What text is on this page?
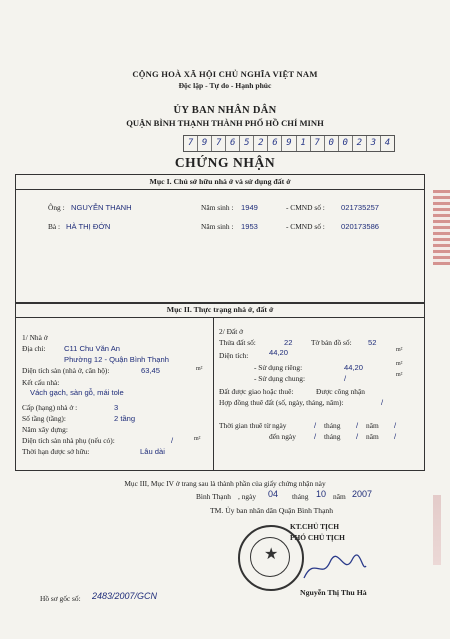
CỘNG HOÀ XÃ HỘI CHỦ NGHĨA VIỆT NAM
Độc lập - Tự do - Hạnh phúc
ỦY BAN NHÂN DÂN
QUẬN BÌNH THẠNH THÀNH PHỐ HỒ CHÍ MINH
7 9 7 6 5 2 6 9 1 7 0 0 2 3 4
CHỨNG NHẬN
Mục I. Chủ sở hữu nhà ở và sử dụng đất ở
Ông : NGUYỄN THANH	Năm sinh : 1949	- CMND số : 021735257
Bà : HÀ THỊ ĐỚN	Năm sinh : 1953	- CMND số : 020173586
Mục II. Thực trạng nhà ở, đất ở
1/ Nhà ở
Địa chỉ: C11 Chu Văn An
Phường 12 - Quận Bình Thạnh
Diện tích sàn (nhà ở, căn hộ):	63,45	m²
Kết cấu nhà:
Vách gạch, sàn gỗ, mái tole
Cấp (hạng) nhà ở :	3
Số tầng (tầng):	2 tầng
Năm xây dựng:
Diện tích sàn nhà phụ (nếu có):	/	m²
Thời hạn được sở hữu:	Lâu dài
2/ Đất ở
Thửa đất số:	22	Tờ bản đồ số: 52
Diện tích:	44,20	m²
- Sử dụng riêng:	44,20	m²
- Sử dụng chung:	/	m²
Đất được giao hoặc thuê:	Được công nhận
Hợp đồng thuê đất (số, ngày, tháng, năm):	/
Thời gian thuê từ ngày	/ tháng / năm /
đến ngày / tháng / năm /
Mục III, Mục IV ở trang sau là thành phần của giấy chứng nhận này
Bình Thạnh , ngày 04 tháng 10 năm 2007
TM. Ủy ban nhân dân Quận Bình Thạnh
KT.CHỦ TỊCH
PHÓ CHỦ TỊCH
★
Nguyễn Thị Thu Hà
Hồ sơ gốc số: 2483/2007/GCN
